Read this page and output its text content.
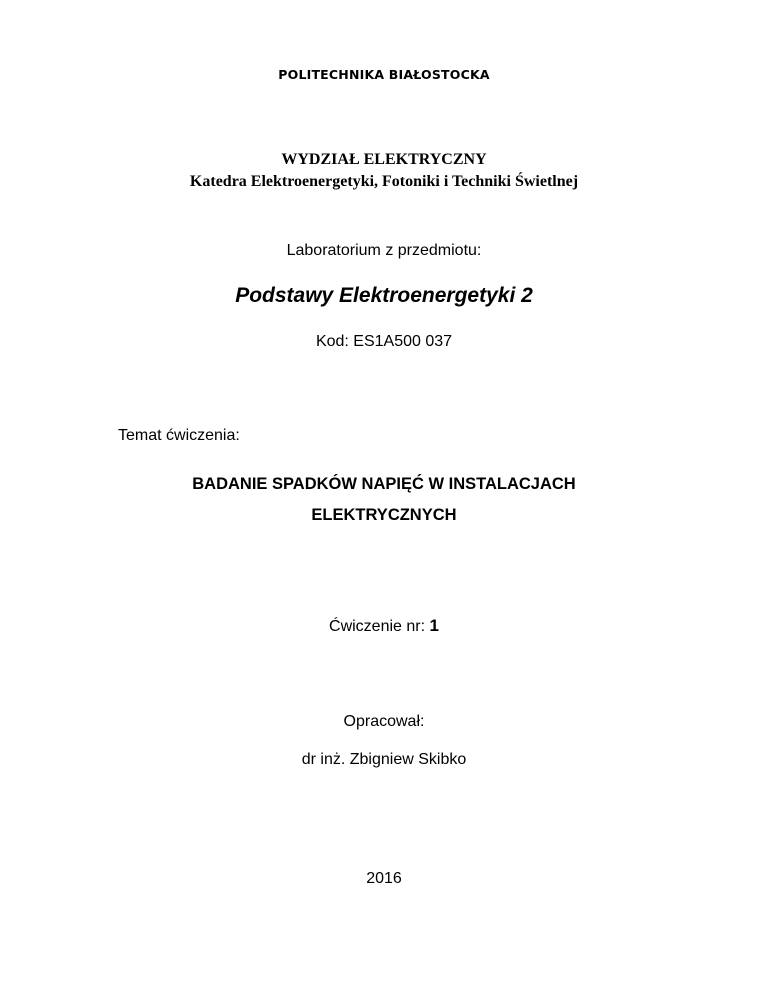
POLITECHNIKA BIAŁOSTOCKA
WYDZIAŁ ELEKTRYCZNY
Katedra Elektroenergetyki, Fotoniki i Techniki Świetlnej
Laboratorium z przedmiotu:
Podstawy Elektroenergetyki 2
Kod: ES1A500 037
Temat ćwiczenia:
BADANIE SPADKÓW NAPIĘĆ W INSTALACJACH
ELEKTRYCZNYCH
Ćwiczenie nr: 1
Opracował:
dr inż. Zbigniew Skibko
2016
